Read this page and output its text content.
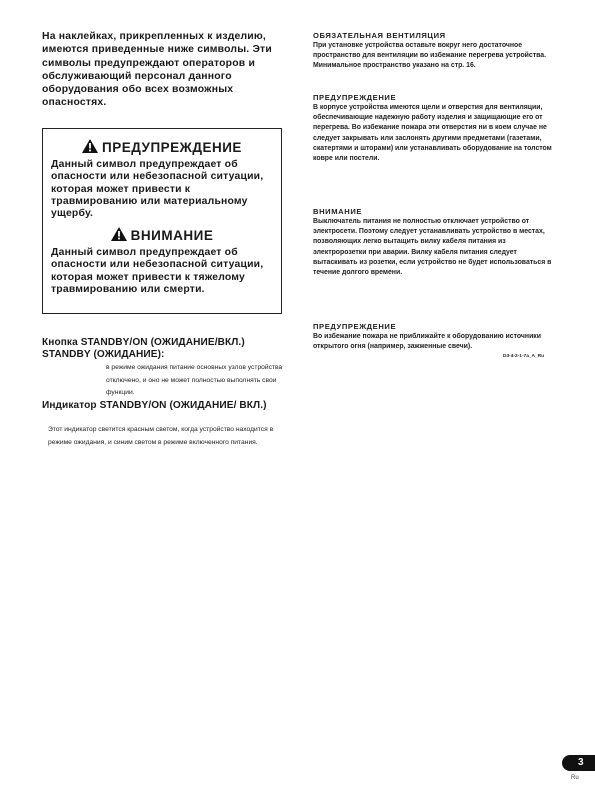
На наклейках, прикрепленных к изделию, имеются приведенные ниже символы. Эти символы предупреждают операторов и обслуживающий персонал данного оборудования обо всех возможных опасностях.
ПРЕДУПРЕЖДЕНИЕ
Данный символ предупреждает об опасности или небезопасной ситуации, которая может привести к травмированию или материальному ущербу.
ВНИМАНИЕ
Данный символ предупреждает об опасности или небезопасной ситуации, которая может привести к тяжелому травмированию или смерти.
Кнопка STANDBY/ON (ОЖИДАНИЕ/ВКЛ.) STANDBY (ОЖИДАНИЕ):
в режиме ожидания питание основных узлов устройства отключено, и оно не может полностью выполнять свои функции.
Индикатор STANDBY/ON (ОЖИДАНИЕ/ ВКЛ.)
Этот индикатор светится красным светом, когда устройство находится в режиме ожидания, и синим светом в режиме включенного питания.
ОБЯЗАТЕЛЬНАЯ ВЕНТИЛЯЦИЯ
При установке устройства оставьте вокруг него достаточное пространство для вентиляции во избежание перегрева устройства. Минимальное пространство указано на стр. 16.
ПРЕДУПРЕЖДЕНИЕ
В корпусе устройства имеются щели и отверстия для вентиляции, обеспечивающие надежную работу изделия и защищающие его от перегрева. Во избежание пожара эти отверстия ни в коем случае не следует закрывать или заслонять другими предметами (газетами, скатертями и шторами) или устанавливать оборудование на толстом ковре или постели.
ВНИМАНИЕ
Выключатель питания не полностью отключает устройство от электросети. Поэтому следует устанавливать устройство в местах, позволяющих легко вытащить вилку кабеля питания из электророзетки при аварии. Вилку кабеля питания следует вытаскивать из розетки, если устройство не будет использоваться в течение долгого времени.
ПРЕДУПРЕЖДЕНИЕ
Во избежание пожара не приближайте к оборудованию источники открытого огня (например, зажженные свечи).
D3-4-2-1-7a_A_Ru
3
Ru
